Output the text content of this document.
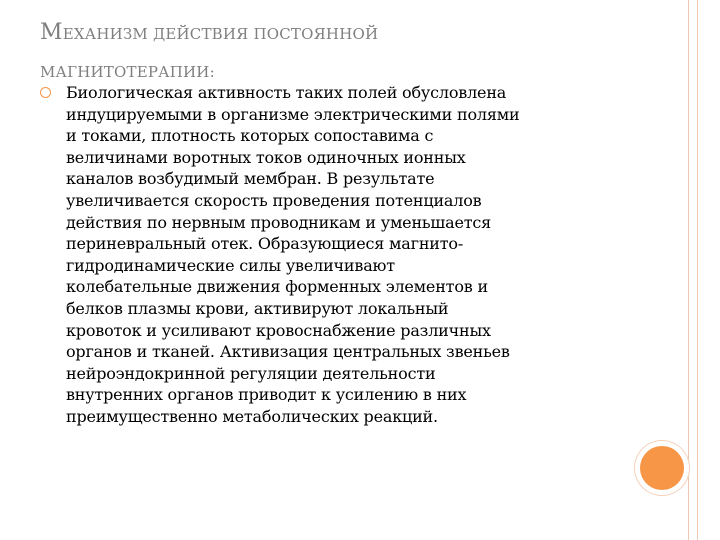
МЕХАНИЗМ ДЕЙСТВИЯ ПОСТОЯННОЙ
МАГНИТОТЕРАПИИ:
Биологическая активность таких полей обусловлена
индуцируемыми в организме электрическими полями
и токами, плотность которых сопоставима с
величинами воротных токов одиночных ионных
каналов возбудимый мембран. В результате
увеличивается скорость проведения потенциалов
действия по нервным проводникам и уменьшается
периневральный отек. Образующиеся магнито-
гидродинамические силы увеличивают
колебательные движения форменных элементов и
белков плазмы крови, активируют локальный
кровоток и усиливают кровоснабжение различных
органов и тканей. Активизация центральных звеньев
нейроэндокринной регуляции деятельности
внутренних органов приводит к усилению в них
преимущественно метаболических реакций.
